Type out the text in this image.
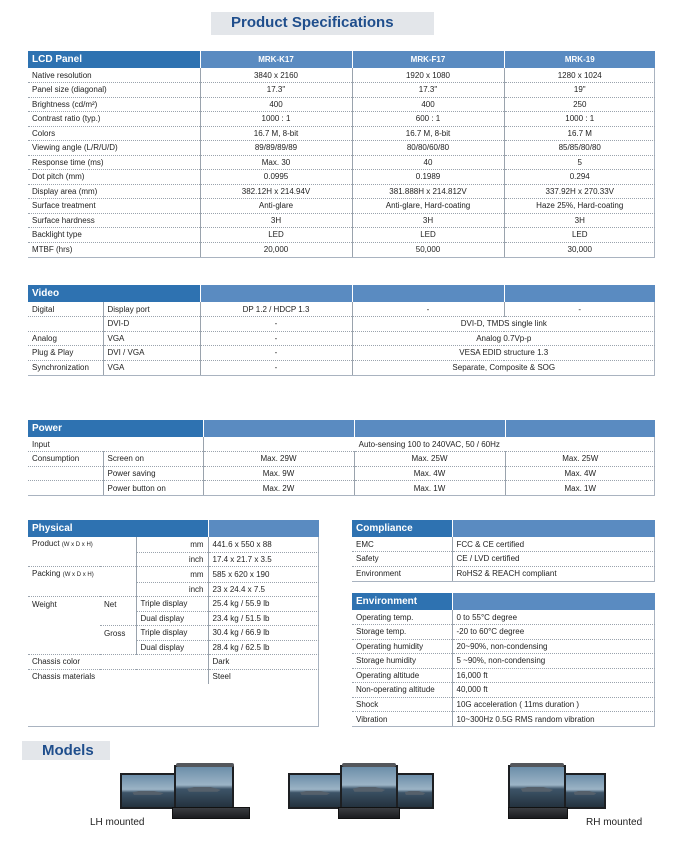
Product Specifications
LCD Panel	MRK-K17	MRK-F17	MRK-19
Native resolution	3840 x 2160	1920 x 1080	1280 x 1024
Panel size (diagonal)	17.3"	17.3"	19"
Brightness (cd/m²)	400	400	250
Contrast ratio (typ.)	1000 : 1	600 : 1	1000 : 1
Colors	16.7 M, 8-bit	16.7 M, 8-bit	16.7 M
Viewing angle (L/R/U/D)	89/89/89/89	80/80/60/80	85/85/80/80
Response time (ms)	Max. 30	40	5
Dot pitch (mm)	0.0995	0.1989	0.294
Display area (mm)	382.12H x 214.94V	381.888H x 214.812V	337.92H x 270.33V
Surface treatment	Anti-glare	Anti-glare, Hard-coating	Haze 25%, Hard-coating
Surface hardness	3H	3H	3H
Backlight type	LED	LED	LED
MTBF (hrs)	20,000	50,000	30,000
Video				
Digital	Display port	DP 1.2 / HDCP 1.3	-	-
	DVI-D	-	DVI-D, TMDS single link	
Analog	VGA	-	Analog 0.7Vp-p	
Plug & Play	DVI / VGA	-	VESA EDID structure 1.3	
Synchronization	VGA	-	Separate, Composite & SOG	
Power				
Input		Auto-sensing 100 to 240VAC, 50 / 60Hz		
Consumption	Screen on	Max. 29W	Max. 25W	Max. 25W
	Power saving	Max. 9W	Max. 4W	Max. 4W
	Power button on	Max. 2W	Max. 1W	Max. 1W
Physical			
Product (W x D x H)		mm	441.6 x 550 x 88
		inch	17.4 x 21.7 x 3.5
Packing (W x D x H)		mm	585 x 620 x 190
		inch	23 x 24.4 x 7.5
Weight	Net	Triple display	25.4 kg / 55.9 lb
		Dual display	23.4 kg / 51.5 lb
	Gross	Triple display	30.4 kg / 66.9 lb
		Dual display	28.4 kg / 62.5 lb
Chassis color			Dark
Chassis materials			Steel

Compliance	
EMC	FCC & CE certified
Safety	CE / LVD certified
Environment	RoHS2 & REACH compliant
Environment	
Operating temp.	0 to 55°C degree
Storage temp.	-20 to 60°C degree
Operating humidity	20~90%, non-condensing
Storage humidity	5 ~90%, non-condensing
Operating altitude	16,000 ft
Non-operating altitude	40,000 ft
Shock	10G acceleration ( 11ms duration )
Vibration	10~300Hz 0.5G RMS random vibration
Models
LH mounted	RH mounted
